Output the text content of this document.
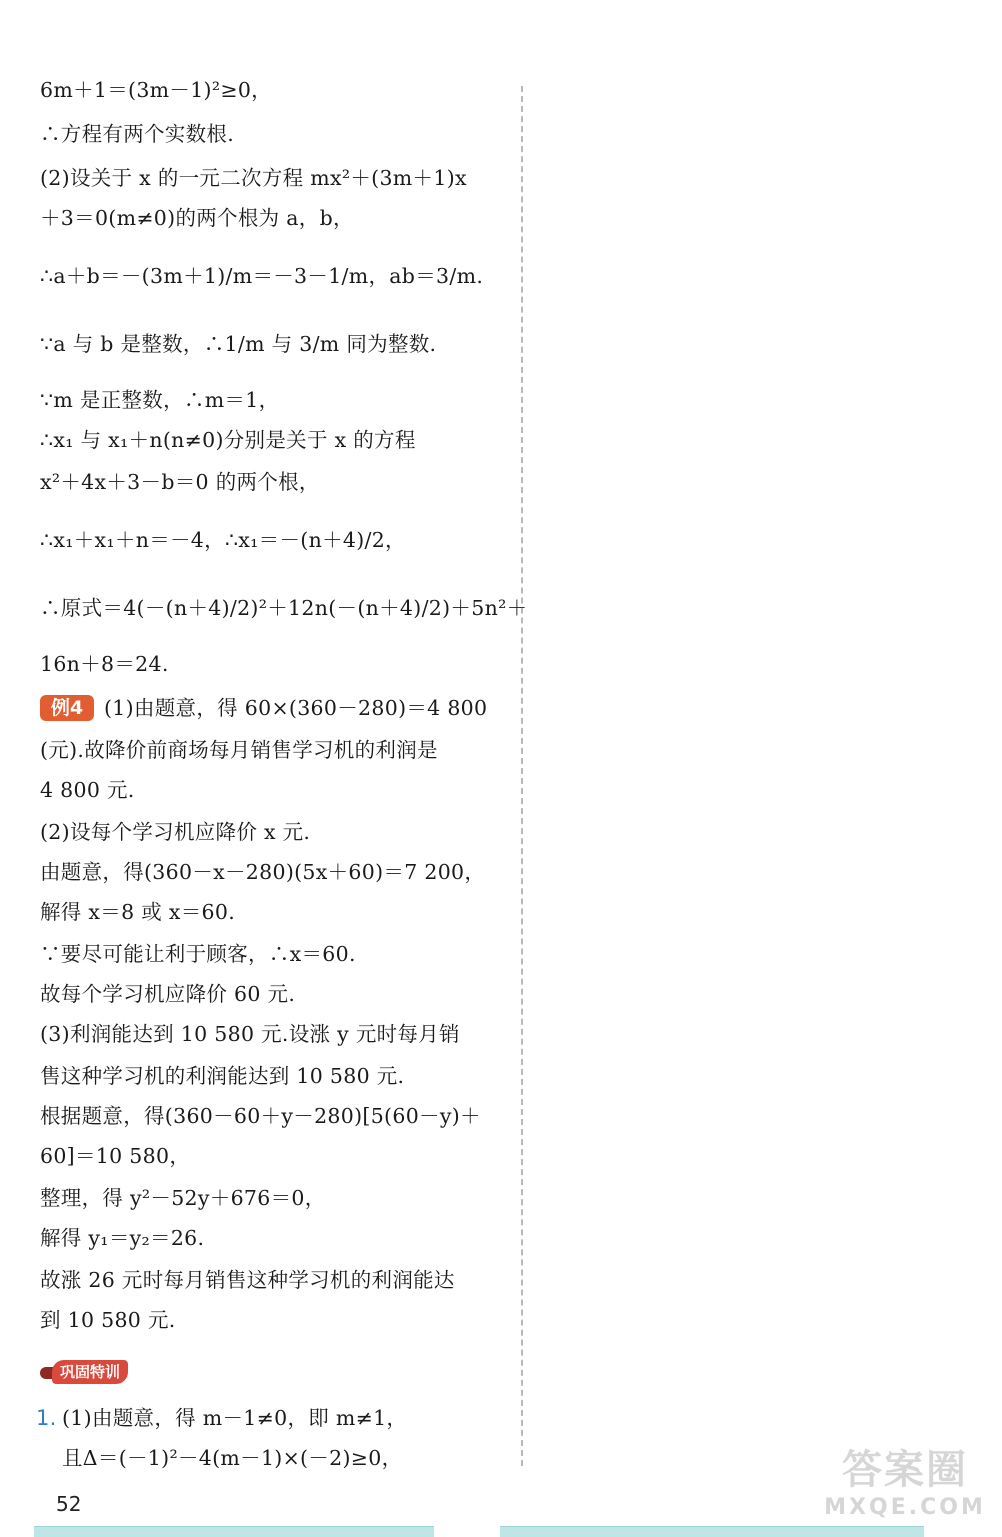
6m＋1＝(3m－1)²≥0，
∴方程有两个实数根.
(2)设关于 x 的一元二次方程 mx²＋(3m＋1)x
＋3＝0(m≠0)的两个根为 a，b，
∴a＋b＝－(3m＋1)/m＝－3－1/m，ab＝3/m.
∵a 与 b 是整数，∴1/m 与 3/m 同为整数.
∵m 是正整数，∴m＝1，
∴x₁ 与 x₁＋n(n≠0)分别是关于 x 的方程
x²＋4x＋3－b＝0 的两个根，
∴x₁＋x₁＋n＝－4，∴x₁＝－(n＋4)/2，
∴原式＝4(－(n＋4)/2)²＋12n(－(n＋4)/2)＋5n²＋
16n＋8＝24.
例4	(1)由题意，得 60×(360－280)＝4 800
(元).故降价前商场每月销售学习机的利润是
4 800 元.
(2)设每个学习机应降价 x 元.
由题意，得(360－x－280)(5x＋60)＝7 200，
解得 x＝8 或 x＝60.
∵要尽可能让利于顾客，∴x＝60.
故每个学习机应降价 60 元.
(3)利润能达到 10 580 元.设涨 y 元时每月销
售这种学习机的利润能达到 10 580 元.
根据题意，得(360－60＋y－280)[5(60－y)＋
60]＝10 580，
整理，得 y²－52y＋676＝0，
解得 y₁＝y₂＝26.
故涨 26 元时每月销售这种学习机的利润能达
到 10 580 元.
巩固特训
1. (1)由题意，得 m－1≠0，即 m≠1，
且Δ＝(－1)²－4(m－1)×(－2)≥0，	答案圈
MXQE.COM
52
